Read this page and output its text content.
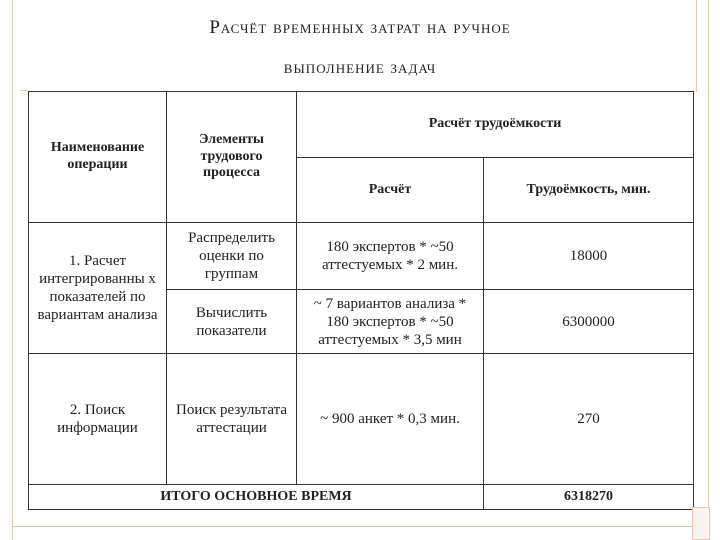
Расчёт временных затрат на ручное
выполнение задач
Наименование операции	Элементы трудового процесса	Расчёт трудоёмкости	
		Расчёт	Трудоёмкость, мин.
1. Расчет интегрированны х показателей по вариантам анализа	Распределить оценки по группам	180 экспертов * ~50 аттестуемых * 2 мин.	18000
	Вычислить показатели	~ 7 вариантов анализа * 180 экспертов * ~50 аттестуемых * 3,5 мин	6300000
2. Поиск информации	Поиск результата аттестации	~ 900 анкет * 0,3 мин.	270
ИТОГО ОСНОВНОЕ ВРЕМЯ			6318270
